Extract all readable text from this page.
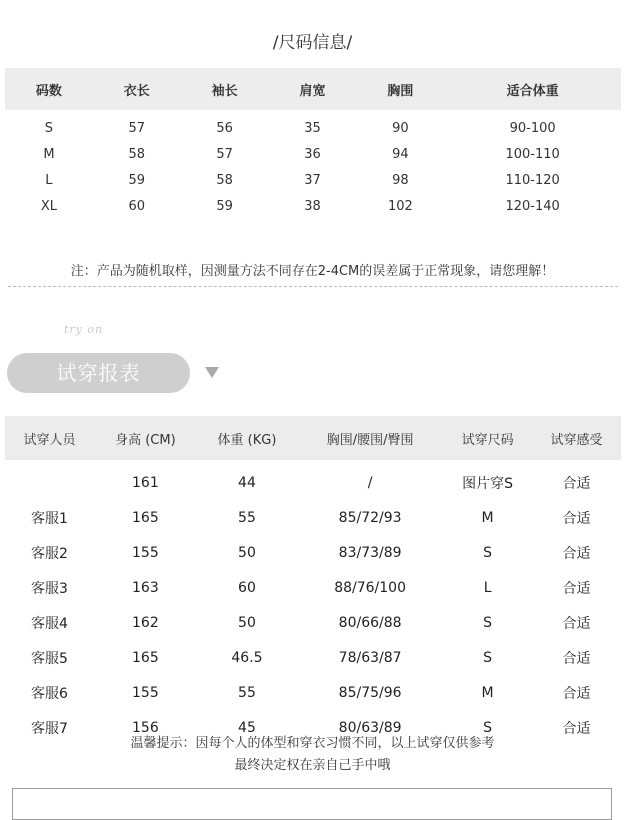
/尺码信息/
码数	衣长	袖长	肩宽	胸围	适合体重
S	57	56	35	90	90-100
M	58	57	36	94	100-110
L	59	58	37	98	110-120
XL	60	59	38	102	120-140
注：产品为随机取样，因测量方法不同存在2-4CM的误差属于正常现象，请您理解！
try on
试穿报表
试穿人员	身高 (CM)	体重 (KG)	胸围/腰围/臀围	试穿尺码	试穿感受
	161	44	/	图片穿S	合适
客服1	165	55	85/72/93	M	合适
客服2	155	50	83/73/89	S	合适
客服3	163	60	88/76/100	L	合适
客服4	162	50	80/66/88	S	合适
客服5	165	46.5	78/63/87	S	合适
客服6	155	55	85/75/96	M	合适
客服7	156	45	80/63/89	S	合适
温馨提示：因每个人的体型和穿衣习惯不同，以上试穿仅供参考
最终决定权在亲自己手中哦
